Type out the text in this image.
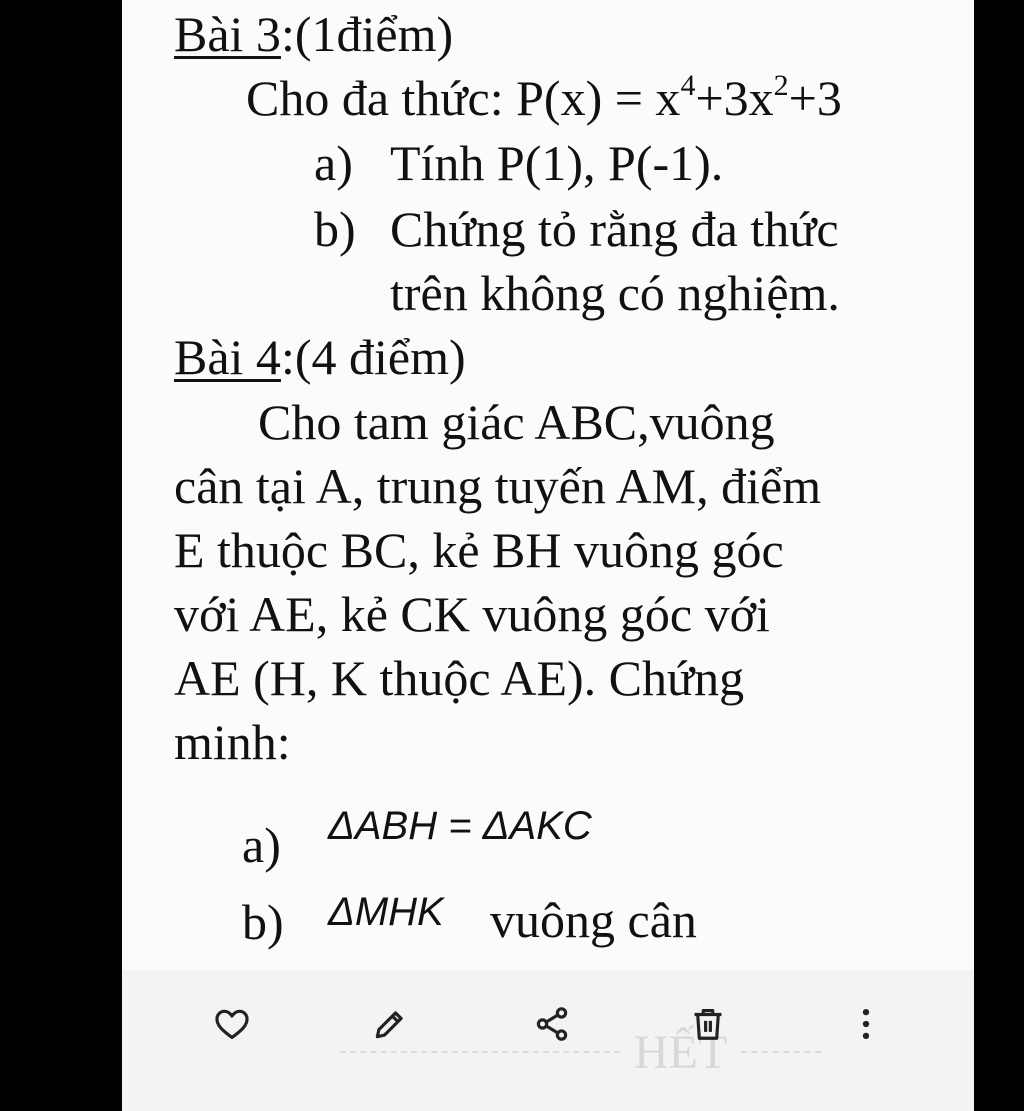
Bài 3:(1điểm)
Cho đa thức: $P(x) = x^4+3x^2+3$
a) Tính P(1), P(-1).
b) Chứng tỏ rằng đa thức
trên không có nghiệm.
Bài 4:(4 điểm)
Cho tam giác ABC,vuông
cân tại A, trung tuyến AM, điểm
E thuộc BC, kẻ BH vuông góc
với AE, kẻ CK vuông góc với
AE (H, K thuộc AE). Chứng
minh:
a) ΔABH = ΔAKC
b) ΔMHK vuông cân
HẾT
